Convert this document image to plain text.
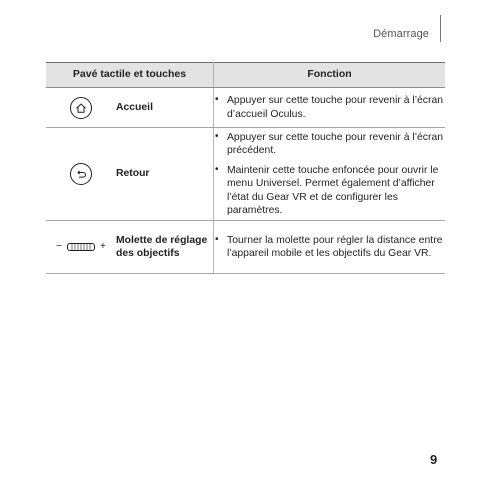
Démarrage
Pavé tactile et touches		Fonction

	Accueil	• Appuyer sur cette touche pour revenir à l’écran d’accueil Oculus.

	Retour	• Appuyer sur cette touche pour revenir à l’écran précédent.
• Maintenir cette touche enfoncée pour ouvrir le menu Universel. Permet également d’afficher l’état du Gear VR et de configurer les paramètres.

− +	Molette de réglage des objectifs	• Tourner la molette pour régler la distance entre l’appareil mobile et les objectifs du Gear VR.
9
